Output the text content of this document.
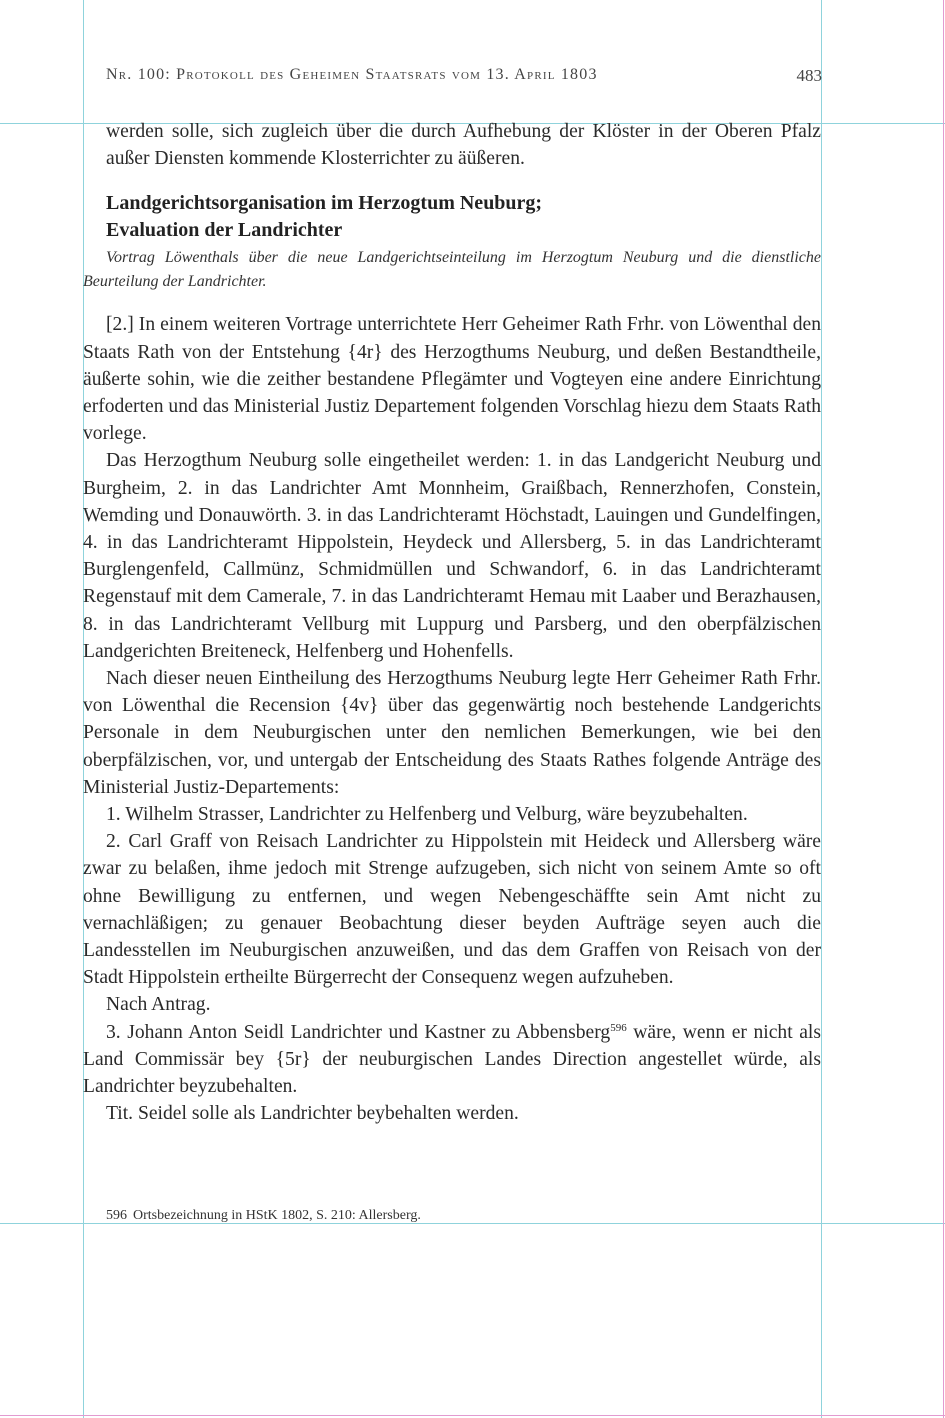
Nr. 100: Protokoll des Geheimen Staatsrats vom 13. April 1803	483

werden solle, sich zugleich über die durch Aufhebung der Klöster in der Oberen Pfalz außer Diensten kommende Klosterrichter zu äüßeren.

Landgerichtsorganisation im Herzogtum Neuburg;
Evaluation der Landrichter
Vortrag Löwenthals über die neue Landgerichtseinteilung im Herzogtum Neuburg und die dienstliche Beurteilung der Landrichter.

[2.] In einem weiteren Vortrage unterrichtete Herr Geheimer Rath Frhr. von Löwenthal den Staats Rath von der Entstehung {4r} des Herzogthums Neuburg, und deßen Bestandtheile, äußerte sohin, wie die zeither bestandene Pflegämter und Vogteyen eine andere Einrichtung erfoderten und das Ministerial Justiz Departement folgenden Vorschlag hiezu dem Staats Rath vorlege.

Das Herzogthum Neuburg solle eingetheilet werden: 1. in das Landgericht Neuburg und Burgheim, 2. in das Landrichter Amt Monnheim, Graißbach, Rennerzhofen, Constein, Wemding und Donauwörth. 3. in das Landrichteramt Höchstadt, Lauingen und Gundelfingen, 4. in das Landrichteramt Hippolstein, Heydeck und Allersberg, 5. in das Landrichteramt Burglengenfeld, Callmünz, Schmidmüllen und Schwandorf, 6. in das Landrichteramt Regenstauf mit dem Camerale, 7. in das Landrichteramt Hemau mit Laaber und Berazhausen, 8. in das Landrichteramt Vellburg mit Luppurg und Parsberg, und den oberpfälzischen Landgerichten Breiteneck, Helfenberg und Hohenfells.

Nach dieser neuen Eintheilung des Herzogthums Neuburg legte Herr Geheimer Rath Frhr. von Löwenthal die Recension {4v} über das gegenwärtig noch bestehende Landgerichts Personale in dem Neuburgischen unter den nemlichen Bemerkungen, wie bei den oberpfälzischen, vor, und untergab der Entscheidung des Staats Rathes folgende Anträge des Ministerial Justiz-Departements:

1. Wilhelm Strasser, Landrichter zu Helfenberg und Velburg, wäre beyzubehalten.

2. Carl Graff von Reisach Landrichter zu Hippolstein mit Heideck und Allersberg wäre zwar zu belaßen, ihme jedoch mit Strenge aufzugeben, sich nicht von seinem Amte so oft ohne Bewilligung zu entfernen, und wegen Nebengeschäffte sein Amt nicht zu vernachläßigen; zu genauer Beobachtung dieser beyden Aufträge seyen auch die Landesstellen im Neuburgischen anzuweißen, und das dem Graffen von Reisach von der Stadt Hippolstein ertheilte Bürgerrecht der Consequenz wegen aufzuheben.

Nach Antrag.

3. Johann Anton Seidl Landrichter und Kastner zu Abbensberg$^{596}$ wäre, wenn er nicht als Land Commissär bey {5r} der neuburgischen Landes Direction angestellet würde, als Landrichter beyzubehalten.

Tit. Seidel solle als Landrichter beybehalten werden.

596 Ortsbezeichnung in HStK 1802, S. 210: Allersberg.
